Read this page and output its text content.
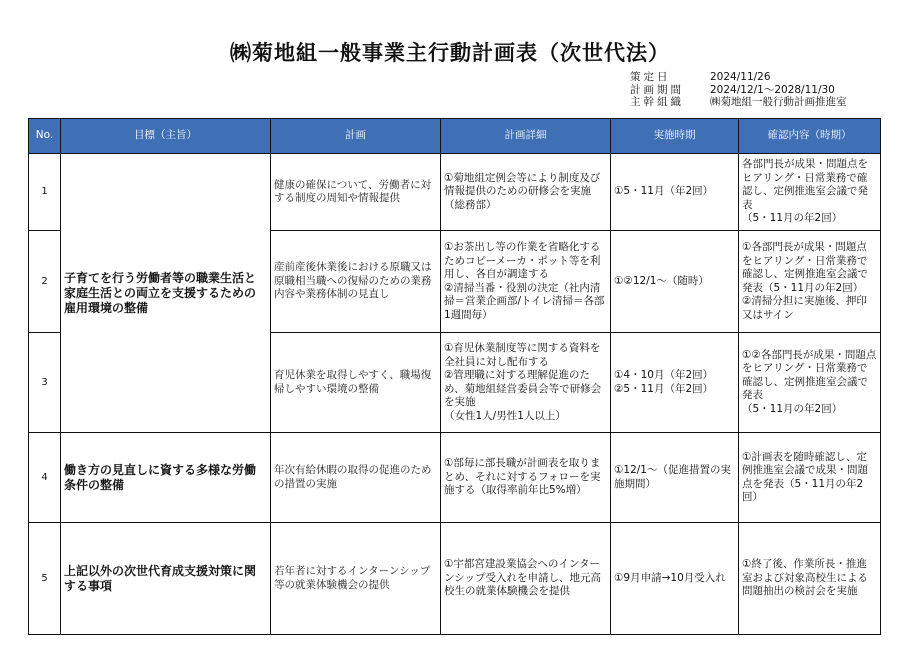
㈱菊地組一般事業主行動計画表（次世代法）
策定日	2024/11/26
計画期間	2024/12/1〜2028/11/30
主幹組織	㈱菊地組一般行動計画推進室
No.	目標（主旨）	計画	計画詳細	実施時期	確認内容（時期）
1	子育てを行う労働者等の職業生活と家庭生活との両立を支援するための雇用環境の整備	健康の確保について、労働者に対する制度の周知や情報提供	①菊地組定例会等により制度及び情報提供のための研修会を実施（総務部）	①5・11月（年2回）	各部門長が成果・問題点をヒアリング・日常業務で確認し、定例推進室会議で発表
（5・11月の年2回）
2		産前産後休業後における原職又は原職相当職への復帰のための業務内容や業務体制の見直し	①お茶出し等の作業を省略化するためコピーメーカ・ポット等を利用し、各自が調達する
②清掃当番・役割の決定（社内清掃＝営業企画部/トイレ清掃＝各部1週間毎）	①②12/1〜（随時）	①各部門長が成果・問題点をヒアリング・日常業務で確認し、定例推進室会議で発表（5・11月の年2回）
②清掃分担に実施後、押印又はサイン
3		育児休業を取得しやすく、職場復帰しやすい環境の整備	①育児休業制度等に関する資料を全社員に対し配布する
②管理職に対する理解促進のため、菊地組経営委員会等で研修会を実施
（女性1人/男性1人以上）	①4・10月（年2回）
②5・11月（年2回）	①②各部門長が成果・問題点をヒアリング・日常業務で確認し、定例推進室会議で発表
（5・11月の年2回）
4	働き方の見直しに資する多様な労働条件の整備	年次有給休暇の取得の促進のための措置の実施	①部毎に部長職が計画表を取りまとめ、それに対するフォローを実施する（取得率前年比5%増）	①12/1〜（促進措置の実施期間）	①計画表を随時確認し、定例推進室会議で成果・問題点を発表（5・11月の年2回）
5	上記以外の次世代育成支援対策に関する事項	若年者に対するインターンシップ等の就業体験機会の提供	①宇都宮建設業協会へのインターンシップ受入れを申請し、地元高校生の就業体験機会を提供	①9月申請→10月受入れ	①終了後、作業所長・推進室および対象高校生による問題抽出の検討会を実施
